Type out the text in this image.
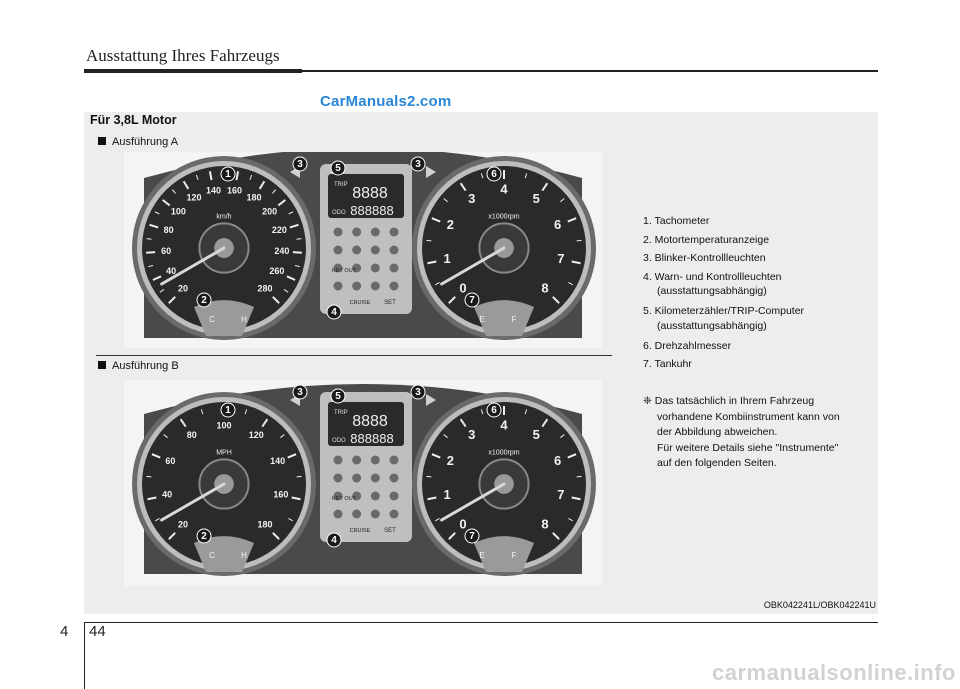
Ausstattung Ihres Fahrzeugs
CarManuals2.com
Für 3,8L Motor
Ausführung A
Ausführung B
20
40
60
80
100
120
140 160
180
200
220
240
260
280
km/h
0
1
2
3
4
5
6
7
8
x1000rpm
TRIP 8888
ODO 888888
KEY OUT
CRUISE SET
C	H	E	F
1
2
3	3
4
5
6
7
20
40
60
80
100
120
140
160
180
MPH
0
1
2
3
4
5
6
7
8
x1000rpm
TRIP 8888
ODO 888888
KEY OUT
CRUISE SET
C	H	E	F
1
2
3	3
4
5
6
7
1. Tachometer
2. Motortemperaturanzeige
3. Blinker-Kontrollleuchten
4. Warn- und Kontrollleuchten
(ausstattungsabhängig)
5. Kilometerzähler/TRIP-Computer
(ausstattungsabhängig)
6. Drehzahlmesser
7. Tankuhr
❈ Das tatsächlich in Ihrem Fahrzeug
vorhandene Kombiinstrument kann von
der Abbildung abweichen.
Für weitere Details siehe "Instrumente"
auf den folgenden Seiten.
OBK042241L/OBK042241U
4 44
carmanualsonline.info
